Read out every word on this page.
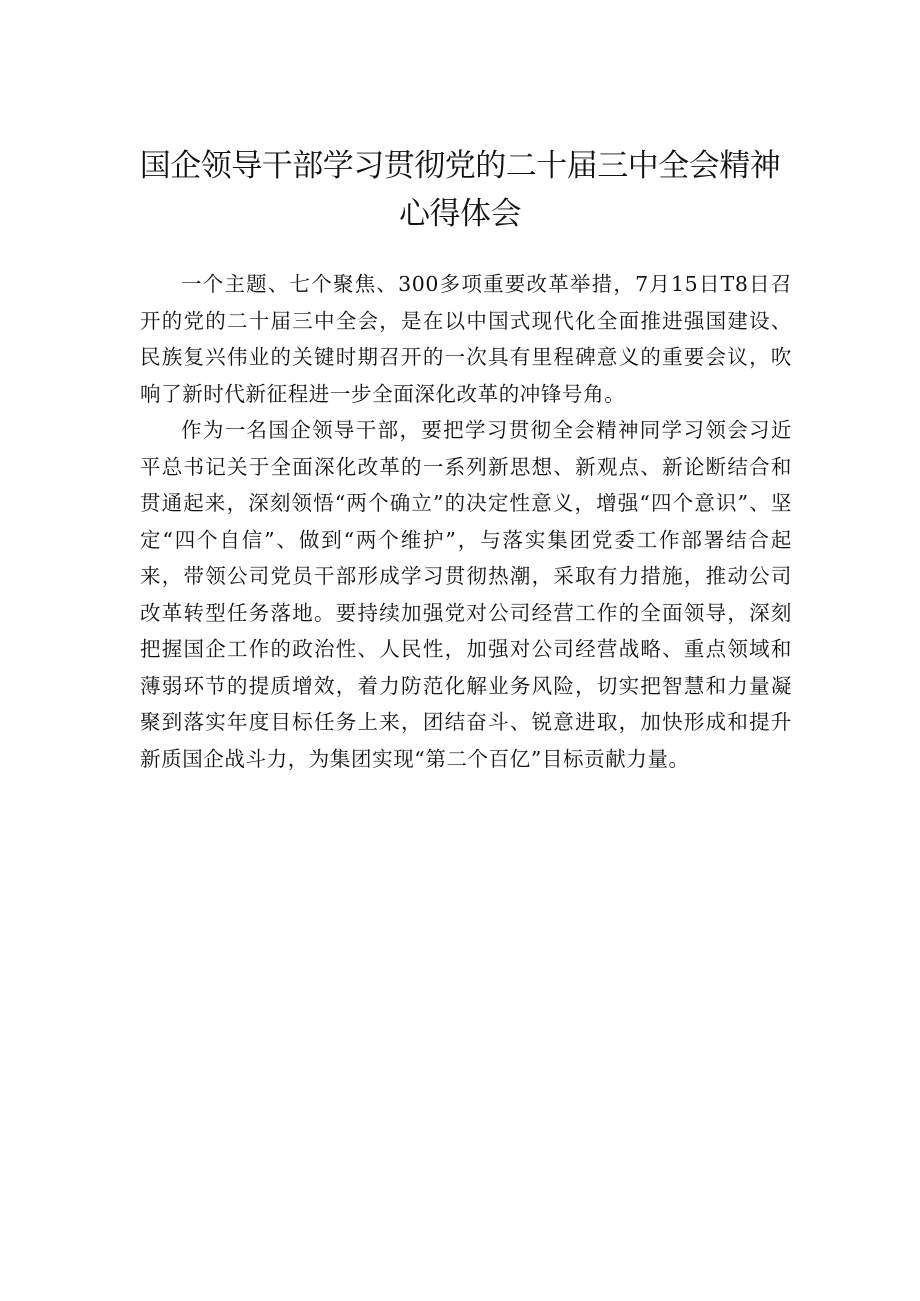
国企领导干部学习贯彻党的二十届三中全会精神心得体会

一个主题、七个聚焦、300多项重要改革举措，7月15日T8日召开的党的二十届三中全会，是在以中国式现代化全面推进强国建设、民族复兴伟业的关键时期召开的一次具有里程碑意义的重要会议，吹响了新时代新征程进一步全面深化改革的冲锋号角。

作为一名国企领导干部，要把学习贯彻全会精神同学习领会习近平总书记关于全面深化改革的一系列新思想、新观点、新论断结合和贯通起来，深刻领悟“两个确立”的决定性意义，增强“四个意识”、坚定“四个自信”、做到“两个维护”，与落实集团党委工作部署结合起来，带领公司党员干部形成学习贯彻热潮，采取有力措施，推动公司改革转型任务落地。要持续加强党对公司经营工作的全面领导，深刻把握国企工作的政治性、人民性，加强对公司经营战略、重点领域和薄弱环节的提质增效，着力防范化解业务风险，切实把智慧和力量凝聚到落实年度目标任务上来，团结奋斗、锐意进取，加快形成和提升新质国企战斗力，为集团实现“第二个百亿”目标贡献力量。
